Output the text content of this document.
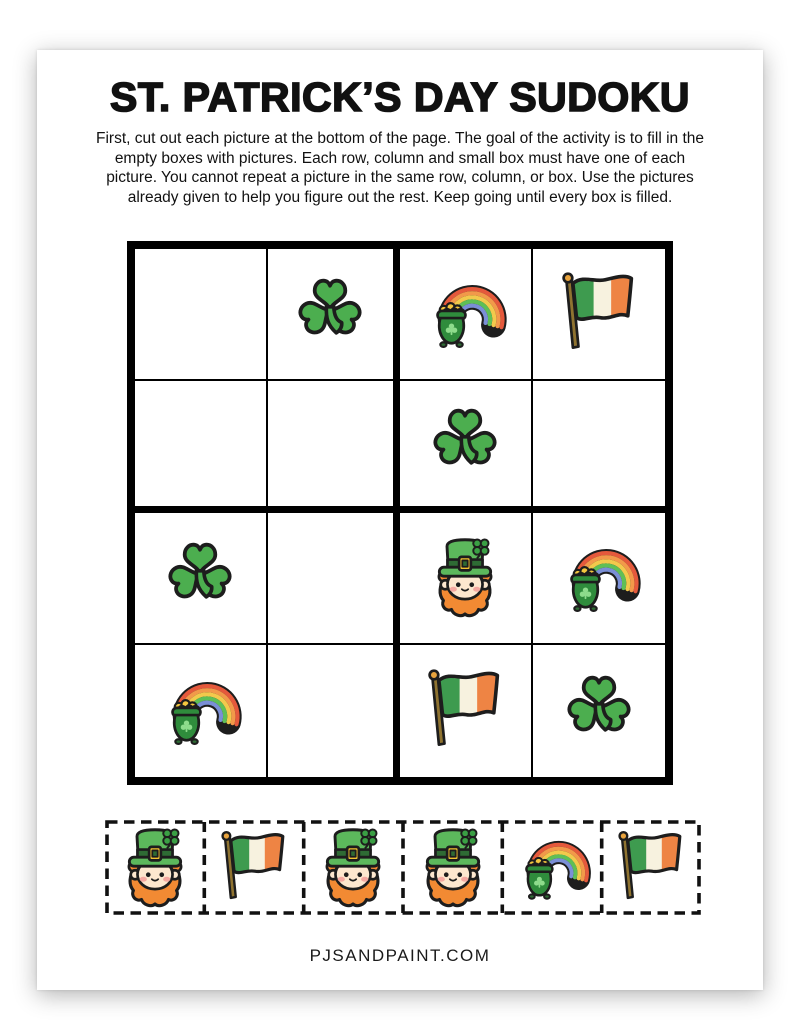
ST. PATRICK’S DAY SUDOKU
First, cut out each picture at the bottom of the page. The goal of the activity is to fill in the
empty boxes with pictures. Each row, column and small box must have one of each
picture. You cannot repeat a picture in the same row, column, or box. Use the pictures
already given to help you figure out the rest. Keep going until every box is filled.
PJSANDPAINT.COM
